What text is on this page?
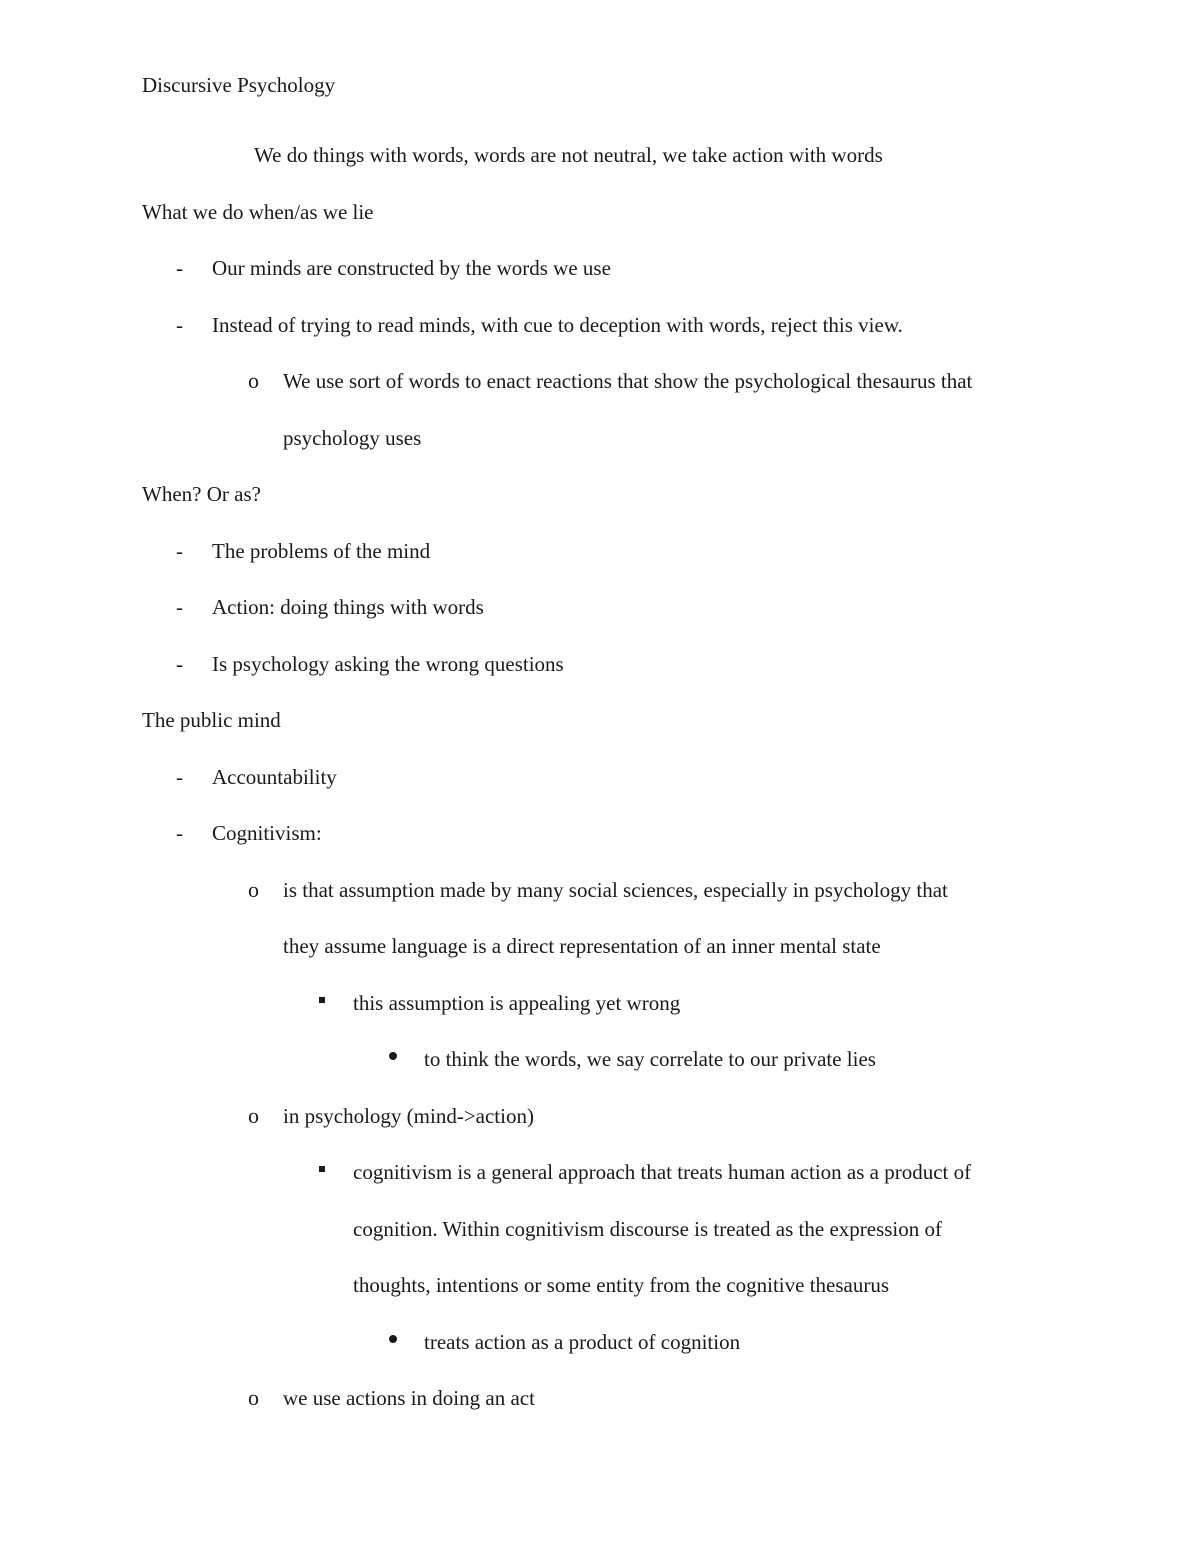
Discursive Psychology
We do things with words, words are not neutral, we take action with words
What we do when/as we lie
- Our minds are constructed by the words we use
- Instead of trying to read minds, with cue to deception with words, reject this view.
o We use sort of words to enact reactions that show the psychological thesaurus that
psychology uses
When? Or as?
- The problems of the mind
- Action: doing things with words
- Is psychology asking the wrong questions
The public mind
- Accountability
- Cognitivism:
o is that assumption made by many social sciences, especially in psychology that
they assume language is a direct representation of an inner mental state
this assumption is appealing yet wrong
to think the words, we say correlate to our private lies
o in psychology (mind->action)
cognitivism is a general approach that treats human action as a product of
cognition. Within cognitivism discourse is treated as the expression of
thoughts, intentions or some entity from the cognitive thesaurus
treats action as a product of cognition
o we use actions in doing an act
